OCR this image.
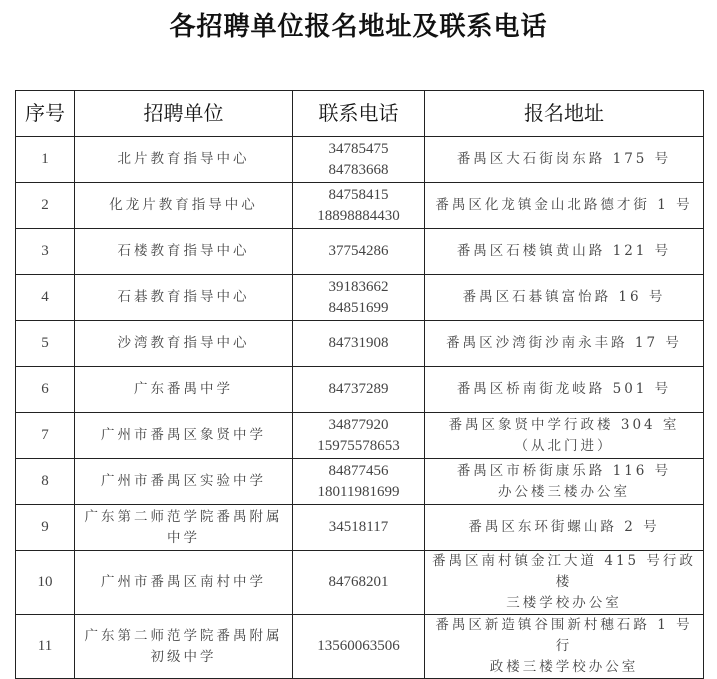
各招聘单位报名地址及联系电话
序号	招聘单位	联系电话	报名地址
1	北片教育指导中心	34785475
84783668	番禺区大石街岗东路 175 号

2	化龙片教育指导中心	84758415
18898884430	番禺区化龙镇金山北路德才街 1 号

3	石楼教育指导中心	37754286	番禺区石楼镇黄山路 121 号

4	石碁教育指导中心	39183662
84851699	番禺区石碁镇富怡路 16 号

5	沙湾教育指导中心	84731908	番禺区沙湾街沙南永丰路 17 号

6	广东番禺中学	84737289	番禺区桥南街龙岐路 501 号

7	广州市番禺区象贤中学	34877920
15975578653	番禺区象贤中学行政楼 304 室
（从北门进）

8	广州市番禺区实验中学	84877456
18011981699	番禺区市桥街康乐路 116 号
办公楼三楼办公室

9	广东第二师范学院番禺附属
中学	34518117	番禺区东环街螺山路 2 号

10	广州市番禺区南村中学	84768201	番禺区南村镇金江大道 415 号行政楼
三楼学校办公室

11	广东第二师范学院番禺附属
初级中学	13560063506	番禺区新造镇谷围新村穗石路 1 号行
政楼三楼学校办公室
